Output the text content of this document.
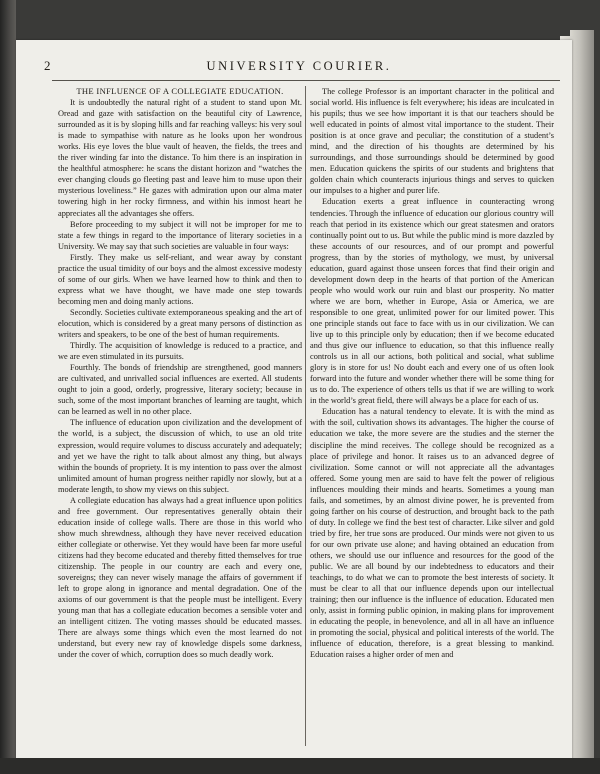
2	UNIVERSITY COURIER.

THE INFLUENCE OF A COLLEGIATE EDUCATION.

It is undoubtedly the natural right of a student to stand upon Mt. Oread and gaze with satisfaction on the beautiful city of Lawrence, surrounded as it is by sloping hills and far reaching valleys: his very soul is made to sympathise with nature as he looks upon her wondrous works. His eye loves the blue vault of heaven, the fields, the trees and the river winding far into the distance. To him there is an inspiration in the healthful atmosphere: he scans the distant horizon and “watches the ever changing clouds go fleeting past and leave him to muse upon their mysterious loveliness.” He gazes with admiration upon our alma mater towering high in her rocky firmness, and within his inmost heart he appreciates all the advantages she offers.

Before proceeding to my subject it will not be improper for me to state a few things in regard to the importance of literary societies in a University. We may say that such societies are valuable in four ways:

Firstly. They make us self-reliant, and wear away by constant practice the usual timidity of our boys and the almost excessive modesty of some of our girls. When we have learned how to think and then to express what we have thought, we have made one step towards becoming men and doing manly actions.

Secondly. Societies cultivate extemporaneous speaking and the art of elocution, which is considered by a great many persons of distinction as writers and speakers, to be one of the best of human requirements.

Thirdly. The acquisition of knowledge is reduced to a practice, and we are even stimulated in its pursuits.

Fourthly. The bonds of friendship are strengthened, good manners are cultivated, and unrivalled social influences are exerted. All students ought to join a good, orderly, progressive, literary society; because in such, some of the most important branches of learning are taught, which can be learned as well in no other place.

The influence of education upon civilization and the development of the world, is a subject, the discussion of which, to use an old trite expression, would require volumes to discuss accurately and adequately; and yet we have the right to talk about almost any thing, but always within the bounds of propriety. It is my intention to pass over the almost unlimited amount of human progress neither rapidly nor slowly, but at a moderate length, to show my views on this subject.

A collegiate education has always had a great influence upon politics and free government. Our representatives generally obtain their education inside of college walls. There are those in this world who show much shrewdness, although they have never received education either collegiate or otherwise. Yet they would have been far more useful citizens had they become educated and thereby fitted themselves for true citizenship. The people in our country are each and every one, sovereigns; they can never wisely manage the affairs of government if left to grope along in ignorance and mental degradation. One of the axioms of our government is that the people must be intelligent. Every young man that has a collegiate education becomes a sensible voter and an intelligent citizen. The voting masses should be educated masses. There are always some things which even the most learned do not understand, but every new ray of knowledge dispels some darkness, under the cover of which, corruption does so much deadly work.

The college Professor is an important character in the political and social world. His influence is felt everywhere; his ideas are inculcated in his pupils; thus we see how important it is that our teachers should be well educated in points of almost vital importance to the student. Their position is at once grave and peculiar; the constitution of a student’s mind, and the direction of his thoughts are determined by his surroundings, and those surroundings should be determined by good men. Education quickens the spirits of our students and brightens that golden chain which counteracts injurious things and serves to quicken our impulses to a higher and purer life.

Education exerts a great influence in counteracting wrong tendencies. Through the influence of education our glorious country will reach that period in its existence which our great statesmen and orators continually point out to us. But while the public mind is more dazzled by these accounts of our resources, and of our prompt and powerful progress, than by the stories of mythology, we must, by universal education, guard against those unseen forces that find their origin and development down deep in the hearts of that portion of the American people who would work our ruin and blast our prosperity. No matter where we are born, whether in Europe, Asia or America, we are responsible to one great, unlimited power for our limited power. This one principle stands out face to face with us in our civilization. We can live up to this principle only by education; then if we become educated and thus give our influence to education, so that this influence really controls us in all our actions, both political and social, what sublime glory is in store for us! No doubt each and every one of us often look forward into the future and wonder whether there will be some thing for us to do. The experience of others tells us that if we are willing to work in the world’s great field, there will always be a place for each of us.

Education has a natural tendency to elevate. It is with the mind as with the soil, cultivation shows its advantages. The higher the course of education we take, the more severe are the studies and the sterner the discipline the mind receives. The college should be recognized as a place of privilege and honor. It raises us to an advanced degree of civilization. Some cannot or will not appreciate all the advantages offered. Some young men are said to have felt the power of religious influences moulding their minds and hearts. Sometimes a young man fails, and sometimes, by an almost divine power, he is prevented from going farther on his course of destruction, and brought back to the path of duty. In college we find the best test of character. Like silver and gold tried by fire, her true sons are produced. Our minds were not given to us for our own private use alone; and having obtained an education from others, we should use our influence and resources for the good of the public. We are all bound by our indebtedness to educators and their teachings, to do what we can to promote the best interests of society. It must be clear to all that our influence depends upon our intellectual training; then our influence is the influence of education. Educated men only, assist in forming public opinion, in making plans for improvement in educating the people, in benevolence, and all in all have an influence in promoting the social, physical and political interests of the world. The influence of education, therefore, is a great blessing to mankind. Education raises a higher order of men and
